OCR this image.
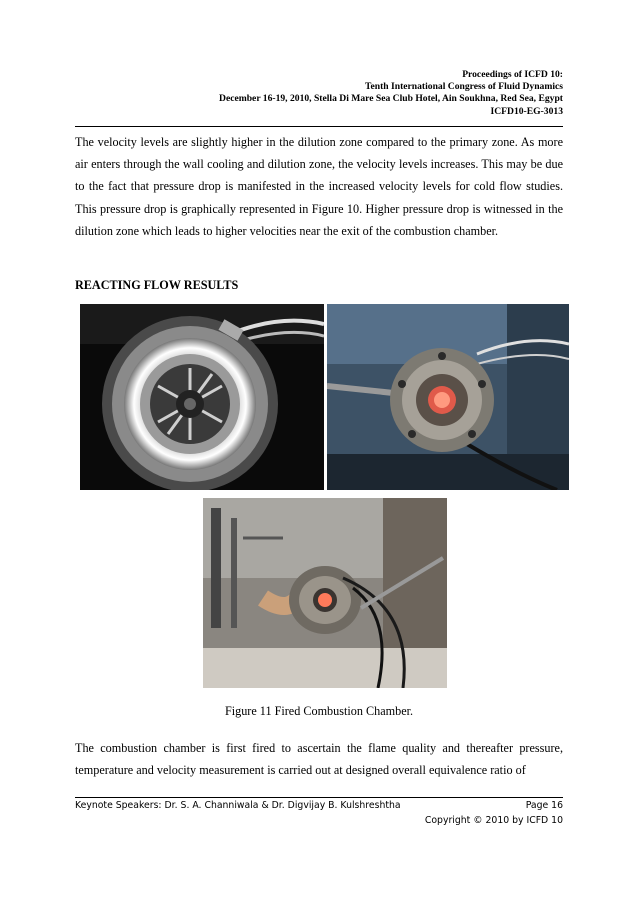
Proceedings of ICFD 10:
Tenth International Congress of Fluid Dynamics
December 16-19, 2010, Stella Di Mare Sea Club Hotel, Ain Soukhna, Red Sea, Egypt
ICFD10-EG-3013

The velocity levels are slightly higher in the dilution zone compared to the primary zone. As more air enters through the wall cooling and dilution zone, the velocity levels increases. This may be due to the fact that pressure drop is manifested in the increased velocity levels for cold flow studies. This pressure drop is graphically represented in Figure 10. Higher pressure drop is witnessed in the dilution zone which leads to higher velocities near the exit of the combustion chamber.

REACTING FLOW RESULTS

Figure 11 Fired Combustion Chamber.

The combustion chamber is first fired to ascertain the flame quality and thereafter pressure, temperature and velocity measurement is carried out at designed overall equivalence ratio of

Keynote Speakers: Dr. S. A. Channiwala & Dr. Digvijay B. Kulshreshtha	Page 16
Copyright © 2010 by ICFD 10
